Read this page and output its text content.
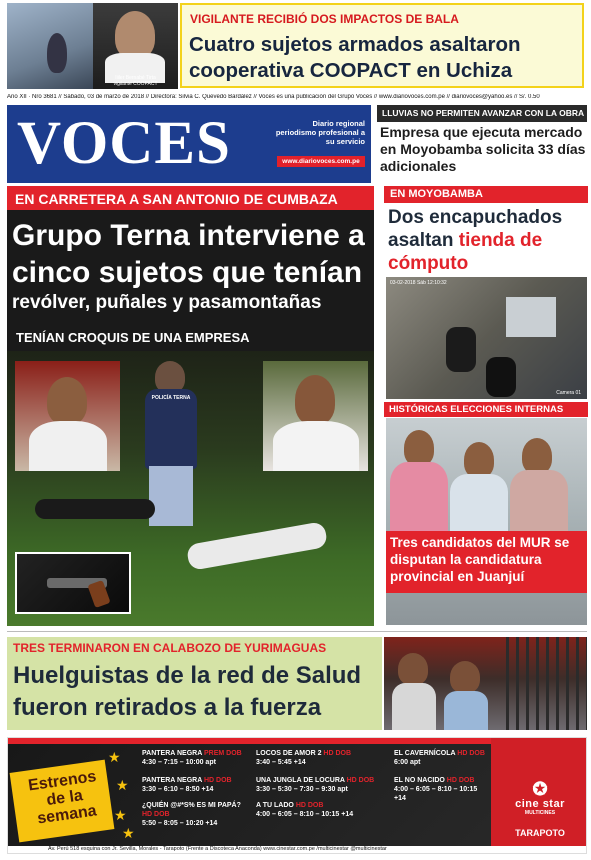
Iiiler Bernabé Tirta
vigilante COOPACT
VIGILANTE RECIBIÓ DOS IMPACTOS DE BALA
Cuatro sujetos armados asaltaron cooperativa COOPACT en Uchiza
Año XII · Nro 3681 // Sábado, 03 de marzo de 2018 // Directora: Silvia C. Quevedo Bardález // Voces es una publicación del Grupo Voces // www.diariovoces.com.pe // diariovoces@yahoo.es // S/. 0.50
VOCES	Diario regional periodismo profesional a su servicio
www.diariovoces.com.pe
LLUVIAS NO PERMITEN AVANZAR CON LA OBRA
Empresa que ejecuta mercado en Moyobamba solicita 33 días adicionales
EN CARRETERA A SAN ANTONIO DE CUMBAZA
Grupo Terna interviene a cinco sujetos que tenían
revólver, puñales y pasamontañas
TENÍAN CROQUIS DE UNA EMPRESA
POLICÍA TERNA
EN MOYOBAMBA
Dos encapuchados asaltan tienda de cómputo
03-02-2018 Sáb 12:10:32
Camera 01
HISTÓRICAS ELECCIONES INTERNAS
Tres candidatos del MUR se disputan la candidatura provincial en Juanjuí
TRES TERMINARON EN CALABOZO DE YURIMAGUAS
Huelguistas de la red de Salud fueron retirados a la fuerza
Estrenos de la semana
★
★
★
★
PANTERA NEGRA PREM DOB
4:30 – 7:15 – 10:00 apt
PANTERA NEGRA HD DOB
3:30 – 6:10 – 8:50 +14
¿QUIÉN @#*S% ES MI PAPÁ? HD DOB
5:50 – 8:05 – 10:20 +14
LOCOS DE AMOR 2 HD DOB
3:40 – 5:45 +14
UNA JUNGLA DE LOCURA HD DOB
3:30 – 5:30 – 7:30 – 9:30 apt
A TU LADO HD DOB
4:00 – 6:05 – 8:10 – 10:15 +14
EL CAVERNÍCOLA HD DOB
6:00 apt
EL NO NACIDO HD DOB
4:00 – 6:05 – 8:10 – 10:15 +14	✪
cine star
MULTICINES
TARAPOTO
Av. Perú 518 esquina con Jr. Sevilla, Morales - Tarapoto (Frente a Discoteca Anaconda) www.cinestar.com.pe /multicinestar @multicinestar
